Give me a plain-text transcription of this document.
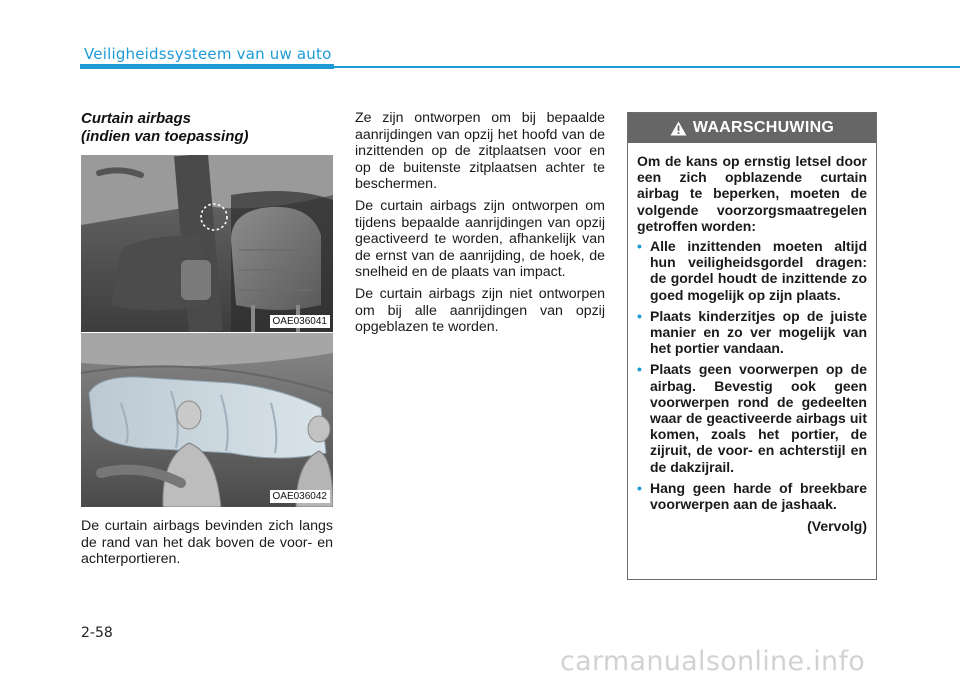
Veiligheidssysteem van uw auto
Curtain airbags
(indien van toepassing)
OAE036041
OAE036042
De curtain airbags bevinden zich langs de rand van het dak boven de voor- en achterportieren.

Ze zijn ontworpen om bij bepaalde aanrijdingen van opzij het hoofd van de inzittenden op de zitplaatsen voor en op de buitenste zitplaatsen achter te beschermen.

De curtain airbags zijn ontworpen om tijdens bepaalde aanrijdingen van opzij geactiveerd te worden, afhankelijk van de ernst van de aanrijding, de hoek, de snelheid en de plaats van impact.

De curtain airbags zijn niet ontworpen om bij alle aanrijdingen van opzij opgeblazen te worden.

WAARSCHUWING

Om de kans op ernstig letsel door een zich opblazende curtain airbag te beperken, moeten de volgende voorzorgsmaatregelen getroffen worden:

• Alle inzittenden moeten altijd hun veiligheidsgordel dragen: de gordel houdt de inzittende zo goed mogelijk op zijn plaats.
• Plaats kinderzitjes op de juiste manier en zo ver mogelijk van het portier vandaan.
• Plaats geen voorwerpen op de airbag. Bevestig ook geen voorwerpen rond de gedeelten waar de geactiveerde airbags uit komen, zoals het portier, de zijruit, de voor- en achterstijl en de dakzijrail.
• Hang geen harde of breekbare voorwerpen aan de jashaak.
(Vervolg)
2-58
carmanualsonline.info
